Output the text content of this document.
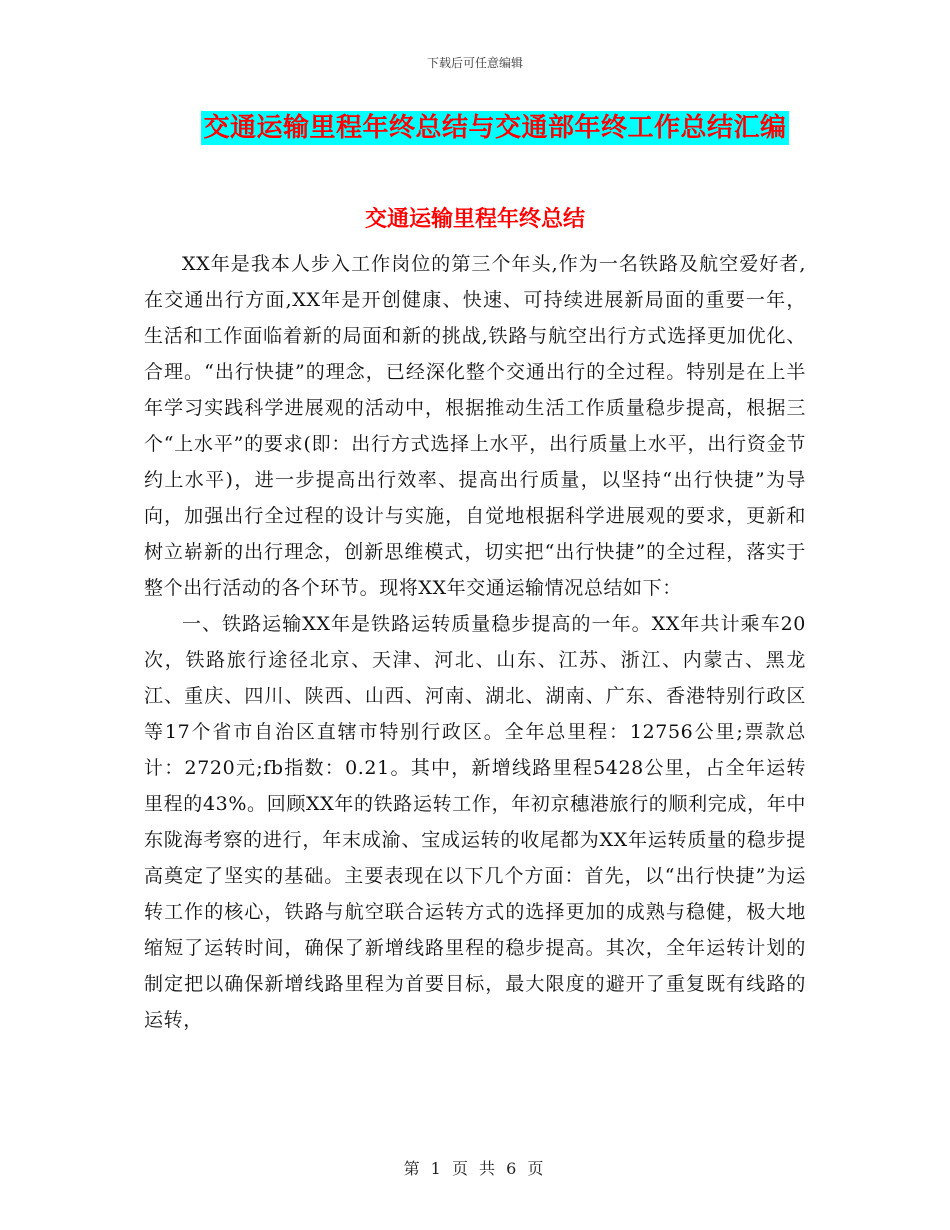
下载后可任意编辑
交通运输里程年终总结与交通部年终工作总结汇编
交通运输里程年终总结

XX年是我本人步入工作岗位的第三个年头,作为一名铁路及航空爱好者,在交通出行方面,XX年是开创健康、快速、可持续进展新局面的重要一年，生活和工作面临着新的局面和新的挑战,铁路与航空出行方式选择更加优化、合理。“出行快捷”的理念，已经深化整个交通出行的全过程。特别是在上半年学习实践科学进展观的活动中，根据推动生活工作质量稳步提高，根据三个“上水平”的要求(即：出行方式选择上水平，出行质量上水平，出行资金节约上水平)，进一步提高出行效率、提高出行质量，以坚持“出行快捷”为导向，加强出行全过程的设计与实施，自觉地根据科学进展观的要求，更新和树立崭新的出行理念，创新思维模式，切实把“出行快捷”的全过程，落实于整个出行活动的各个环节。现将XX年交通运输情况总结如下：

一、铁路运输XX年是铁路运转质量稳步提高的一年。XX年共计乘车20次，铁路旅行途径北京、天津、河北、山东、江苏、浙江、内蒙古、黑龙江、重庆、四川、陕西、山西、河南、湖北、湖南、广东、香港特别行政区等17个省市自治区直辖市特别行政区。全年总里程：12756公里;票款总计：2720元;fb指数：0.21。其中，新增线路里程5428公里，占全年运转里程的43%。回顾XX年的铁路运转工作，年初京穗港旅行的顺利完成，年中东陇海考察的进行，年末成渝、宝成运转的收尾都为XX年运转质量的稳步提高奠定了坚实的基础。主要表现在以下几个方面：首先，以“出行快捷”为运转工作的核心，铁路与航空联合运转方式的选择更加的成熟与稳健，极大地缩短了运转时间，确保了新增线路里程的稳步提高。其次，全年运转计划的制定把以确保新增线路里程为首要目标，最大限度的避开了重复既有线路的运转，

第 1 页 共 6 页
